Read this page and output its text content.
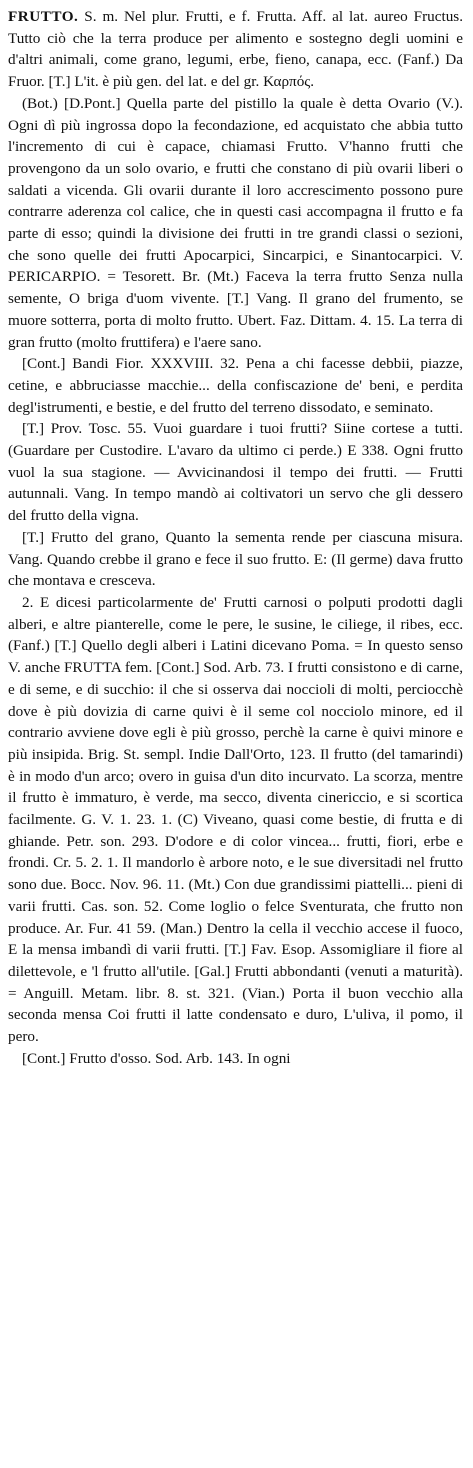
FRUTTO. S. m. Nel plur. Frutti, e f. Frutta. Aff. al lat. aureo Fructus. Tutto ciò che la terra produce per alimento e sostegno degli uomini e d'altri animali, come grano, legumi, erbe, fieno, canapa, ecc. (Fanf.) Da Fruor. [T.] L'it. è più gen. del lat. e del gr. Καρπός.

(Bot.) [D.Pont.] Quella parte del pistillo la quale è detta Ovario (V.). Ogni dì più ingrossa dopo la fecondazione, ed acquistato che abbia tutto l'incremento di cui è capace, chiamasi Frutto. V'hanno frutti che provengono da un solo ovario, e frutti che constano di più ovarii liberi o saldati a vicenda. Gli ovarii durante il loro accrescimento possono pure contrarre aderenza col calice, che in questi casi accompagna il frutto e fa parte di esso; quindi la divisione dei frutti in tre grandi classi o sezioni, che sono quelle dei frutti Apocarpici, Sincarpici, e Sinantocarpici. V. PERICARPIO. = Tesorett. Br. (Mt.) Faceva la terra frutto Senza nulla semente, O briga d'uom vivente. [T.] Vang. Il grano del frumento, se muore sotterra, porta di molto frutto. Ubert. Faz. Dittam. 4. 15. La terra di gran frutto (molto fruttifera) e l'aere sano.

[Cont.] Bandi Fior. XXXVIII. 32. Pena a chi facesse debbii, piazze, cetine, e abbruciasse macchie... della confiscazione de' beni, e perdita degl'istrumenti, e bestie, e del frutto del terreno dissodato, e seminato.

[T.] Prov. Tosc. 55. Vuoi guardare i tuoi frutti? Siine cortese a tutti. (Guardare per Custodire. L'avaro da ultimo ci perde.) E 338. Ogni frutto vuol la sua stagione. — Avvicinandosi il tempo dei frutti. — Frutti autunnali. Vang. In tempo mandò ai coltivatori un servo che gli dessero del frutto della vigna.

[T.] Frutto del grano, Quanto la sementa rende per ciascuna misura. Vang. Quando crebbe il grano e fece il suo frutto. E: (Il germe) dava frutto che montava e cresceva.

2. E dicesi particolarmente de' Frutti carnosi o polputi prodotti dagli alberi, e altre pianterelle, come le pere, le susine, le ciliege, il ribes, ecc. (Fanf.) [T.] Quello degli alberi i Latini dicevano Poma. = In questo senso V. anche FRUTTA fem. [Cont.] Sod. Arb. 73. I frutti consistono e di carne, e di seme, e di succhio: il che si osserva dai noccioli di molti, perciocchè dove è più dovizia di carne quivi è il seme col nocciolo minore, ed il contrario avviene dove egli è più grosso, perchè la carne è quivi minore e più insipida. Brig. St. sempl. Indie Dall'Orto, 123. Il frutto (del tamarindi) è in modo d'un arco; overo in guisa d'un dito incurvato. La scorza, mentre il frutto è immaturo, è verde, ma secco, diventa cinericcio, e si scortica facilmente. G. V. 1. 23. 1. (C) Viveano, quasi come bestie, di frutta e di ghiande. Petr. son. 293. D'odore e di color vincea... frutti, fiori, erbe e frondi. Cr. 5. 2. 1. Il mandorlo è arbore noto, e le sue diversitadi nel frutto sono due. Bocc. Nov. 96. 11. (Mt.) Con due grandissimi piattelli... pieni di varii frutti. Cas. son. 52. Come loglio o felce Sventurata, che frutto non produce. Ar. Fur. 41 59. (Man.) Dentro la cella il vecchio accese il fuoco, E la mensa imbandì di varii frutti. [T.] Fav. Esop. Assomigliare il fiore al dilettevole, e 'l frutto all'utile. [Gal.] Frutti abbondanti (venuti a maturità). = Anguill. Metam. libr. 8. st. 321. (Vian.) Porta il buon vecchio alla seconda mensa Coi frutti il latte condensato e duro, L'uliva, il pomo, il pero.

[Cont.] Frutto d'osso. Sod. Arb. 143. In ogni
